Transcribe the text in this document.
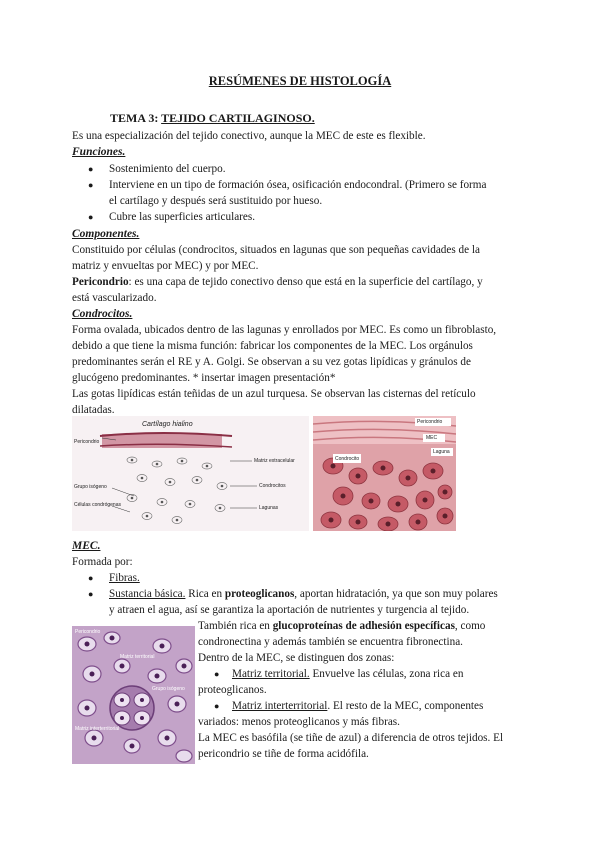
RESÚMENES DE HISTOLOGÍA
TEMA 3: TEJIDO CARTILAGINOSO.
Es una especialización del tejido conectivo, aunque la MEC de este es flexible.
Funciones.
● Sostenimiento del cuerpo.
● Interviene en un tipo de formación ósea, osificación endocondral. (Primero se forma
el cartílago y después será sustituido por hueso.
● Cubre las superficies articulares.
Componentes.
Constituido por células (condrocitos, situados en lagunas que son pequeñas cavidades de la
matriz y envueltas por MEC) y por MEC.
Pericondrio: es una capa de tejido conectivo denso que está en la superficie del cartílago, y
está vascularizado.
Condrocitos.
Forma ovalada, ubicados dentro de las lagunas y enrollados por MEC. Es como un fibroblasto,
debido a que tiene la misma función: fabricar los componentes de la MEC. Los orgánulos
predominantes serán el RE y A. Golgi. Se observan a su vez gotas lipídicas y gránulos de
glucógeno predominantes. * insertar imagen presentación*
Las gotas lipídicas están teñidas de un azul turquesa. Se observan las cisternas del retículo
dilatadas.
Cartílago hialino
Pericondrio
Matriz extracelular
Condrocitos
Lagunas
Grupo isógeno
Células condrógenas
Pericondrio
Condrocito
MEC
Laguna
MEC.
Formada por:
● Fibras.
● Sustancia básica. Rica en proteoglicanos, aportan hidratación, ya que son muy polares
y atraen el agua, así se garantiza la aportación de nutrientes y turgencia al tejido.
Pericondrio
Matriz territorial
Grupo isógeno
Matriz interterritorial
También rica en glucoproteínas de adhesión específicas, como
condronectina y además también se encuentra fibronectina.
Dentro de la MEC, se distinguen dos zonas:
● Matriz territorial. Envuelve las células, zona rica en
proteoglicanos.
● Matriz interterritorial. El resto de la MEC, componentes
variados: menos proteoglicanos y más fibras.
La MEC es basófila (se tiñe de azul) a diferencia de otros tejidos. El
pericondrio se tiñe de forma acidófila.
